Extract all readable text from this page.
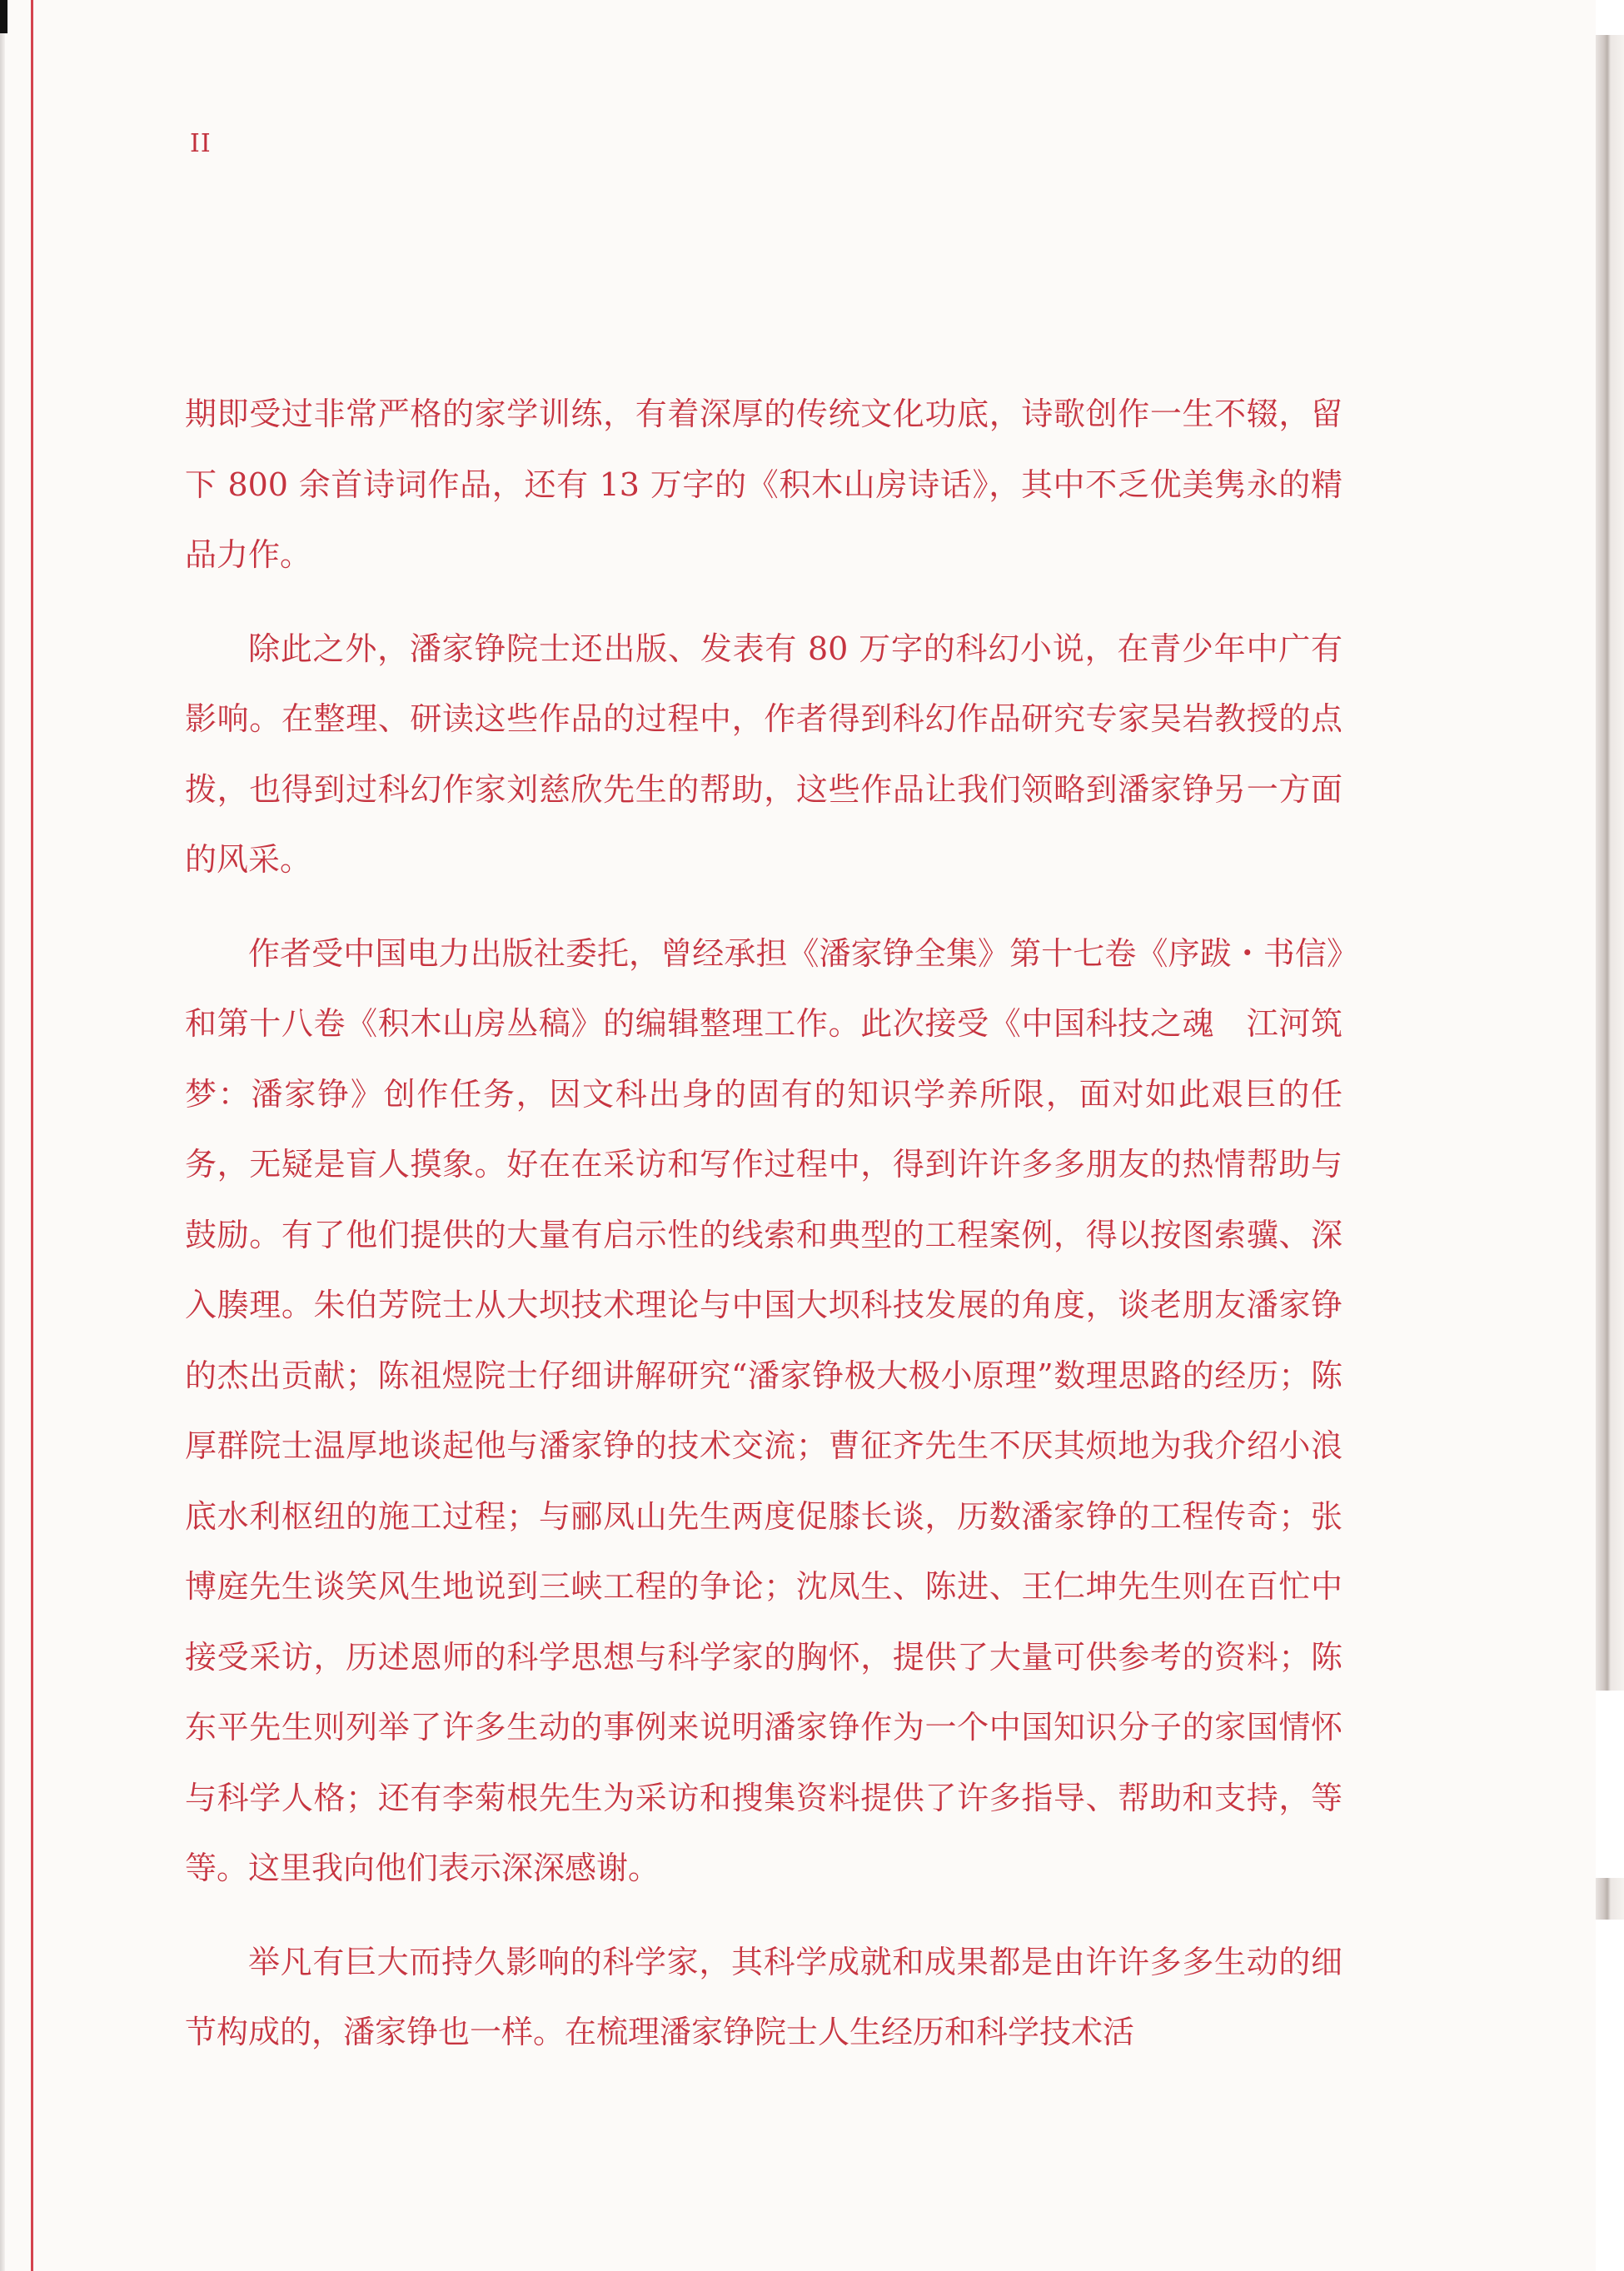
II

期即受过非常严格的家学训练，有着深厚的传统文化功底，诗歌创作一生不辍，留下 800 余首诗词作品，还有 13 万字的《积木山房诗话》，其中不乏优美隽永的精品力作。

除此之外，潘家铮院士还出版、发表有 80 万字的科幻小说，在青少年中广有影响。在整理、研读这些作品的过程中，作者得到科幻作品研究专家吴岩教授的点拨，也得到过科幻作家刘慈欣先生的帮助，这些作品让我们领略到潘家铮另一方面的风采。

作者受中国电力出版社委托，曾经承担《潘家铮全集》第十七卷《序跋・书信》和第十八卷《积木山房丛稿》的编辑整理工作。此次接受《中国科技之魂　江河筑梦：潘家铮》创作任务，因文科出身的固有的知识学养所限，面对如此艰巨的任务，无疑是盲人摸象。好在在采访和写作过程中，得到许许多多朋友的热情帮助与鼓励。有了他们提供的大量有启示性的线索和典型的工程案例，得以按图索骥、深入腠理。朱伯芳院士从大坝技术理论与中国大坝科技发展的角度，谈老朋友潘家铮的杰出贡献；陈祖煜院士仔细讲解研究“潘家铮极大极小原理”数理思路的经历；陈厚群院士温厚地谈起他与潘家铮的技术交流；曹征齐先生不厌其烦地为我介绍小浪底水利枢纽的施工过程；与郦凤山先生两度促膝长谈，历数潘家铮的工程传奇；张博庭先生谈笑风生地说到三峡工程的争论；沈凤生、陈进、王仁坤先生则在百忙中接受采访，历述恩师的科学思想与科学家的胸怀，提供了大量可供参考的资料；陈东平先生则列举了许多生动的事例来说明潘家铮作为一个中国知识分子的家国情怀与科学人格；还有李菊根先生为采访和搜集资料提供了许多指导、帮助和支持，等等。这里我向他们表示深深感谢。

举凡有巨大而持久影响的科学家，其科学成就和成果都是由许许多多生动的细节构成的，潘家铮也一样。在梳理潘家铮院士人生经历和科学技术活
